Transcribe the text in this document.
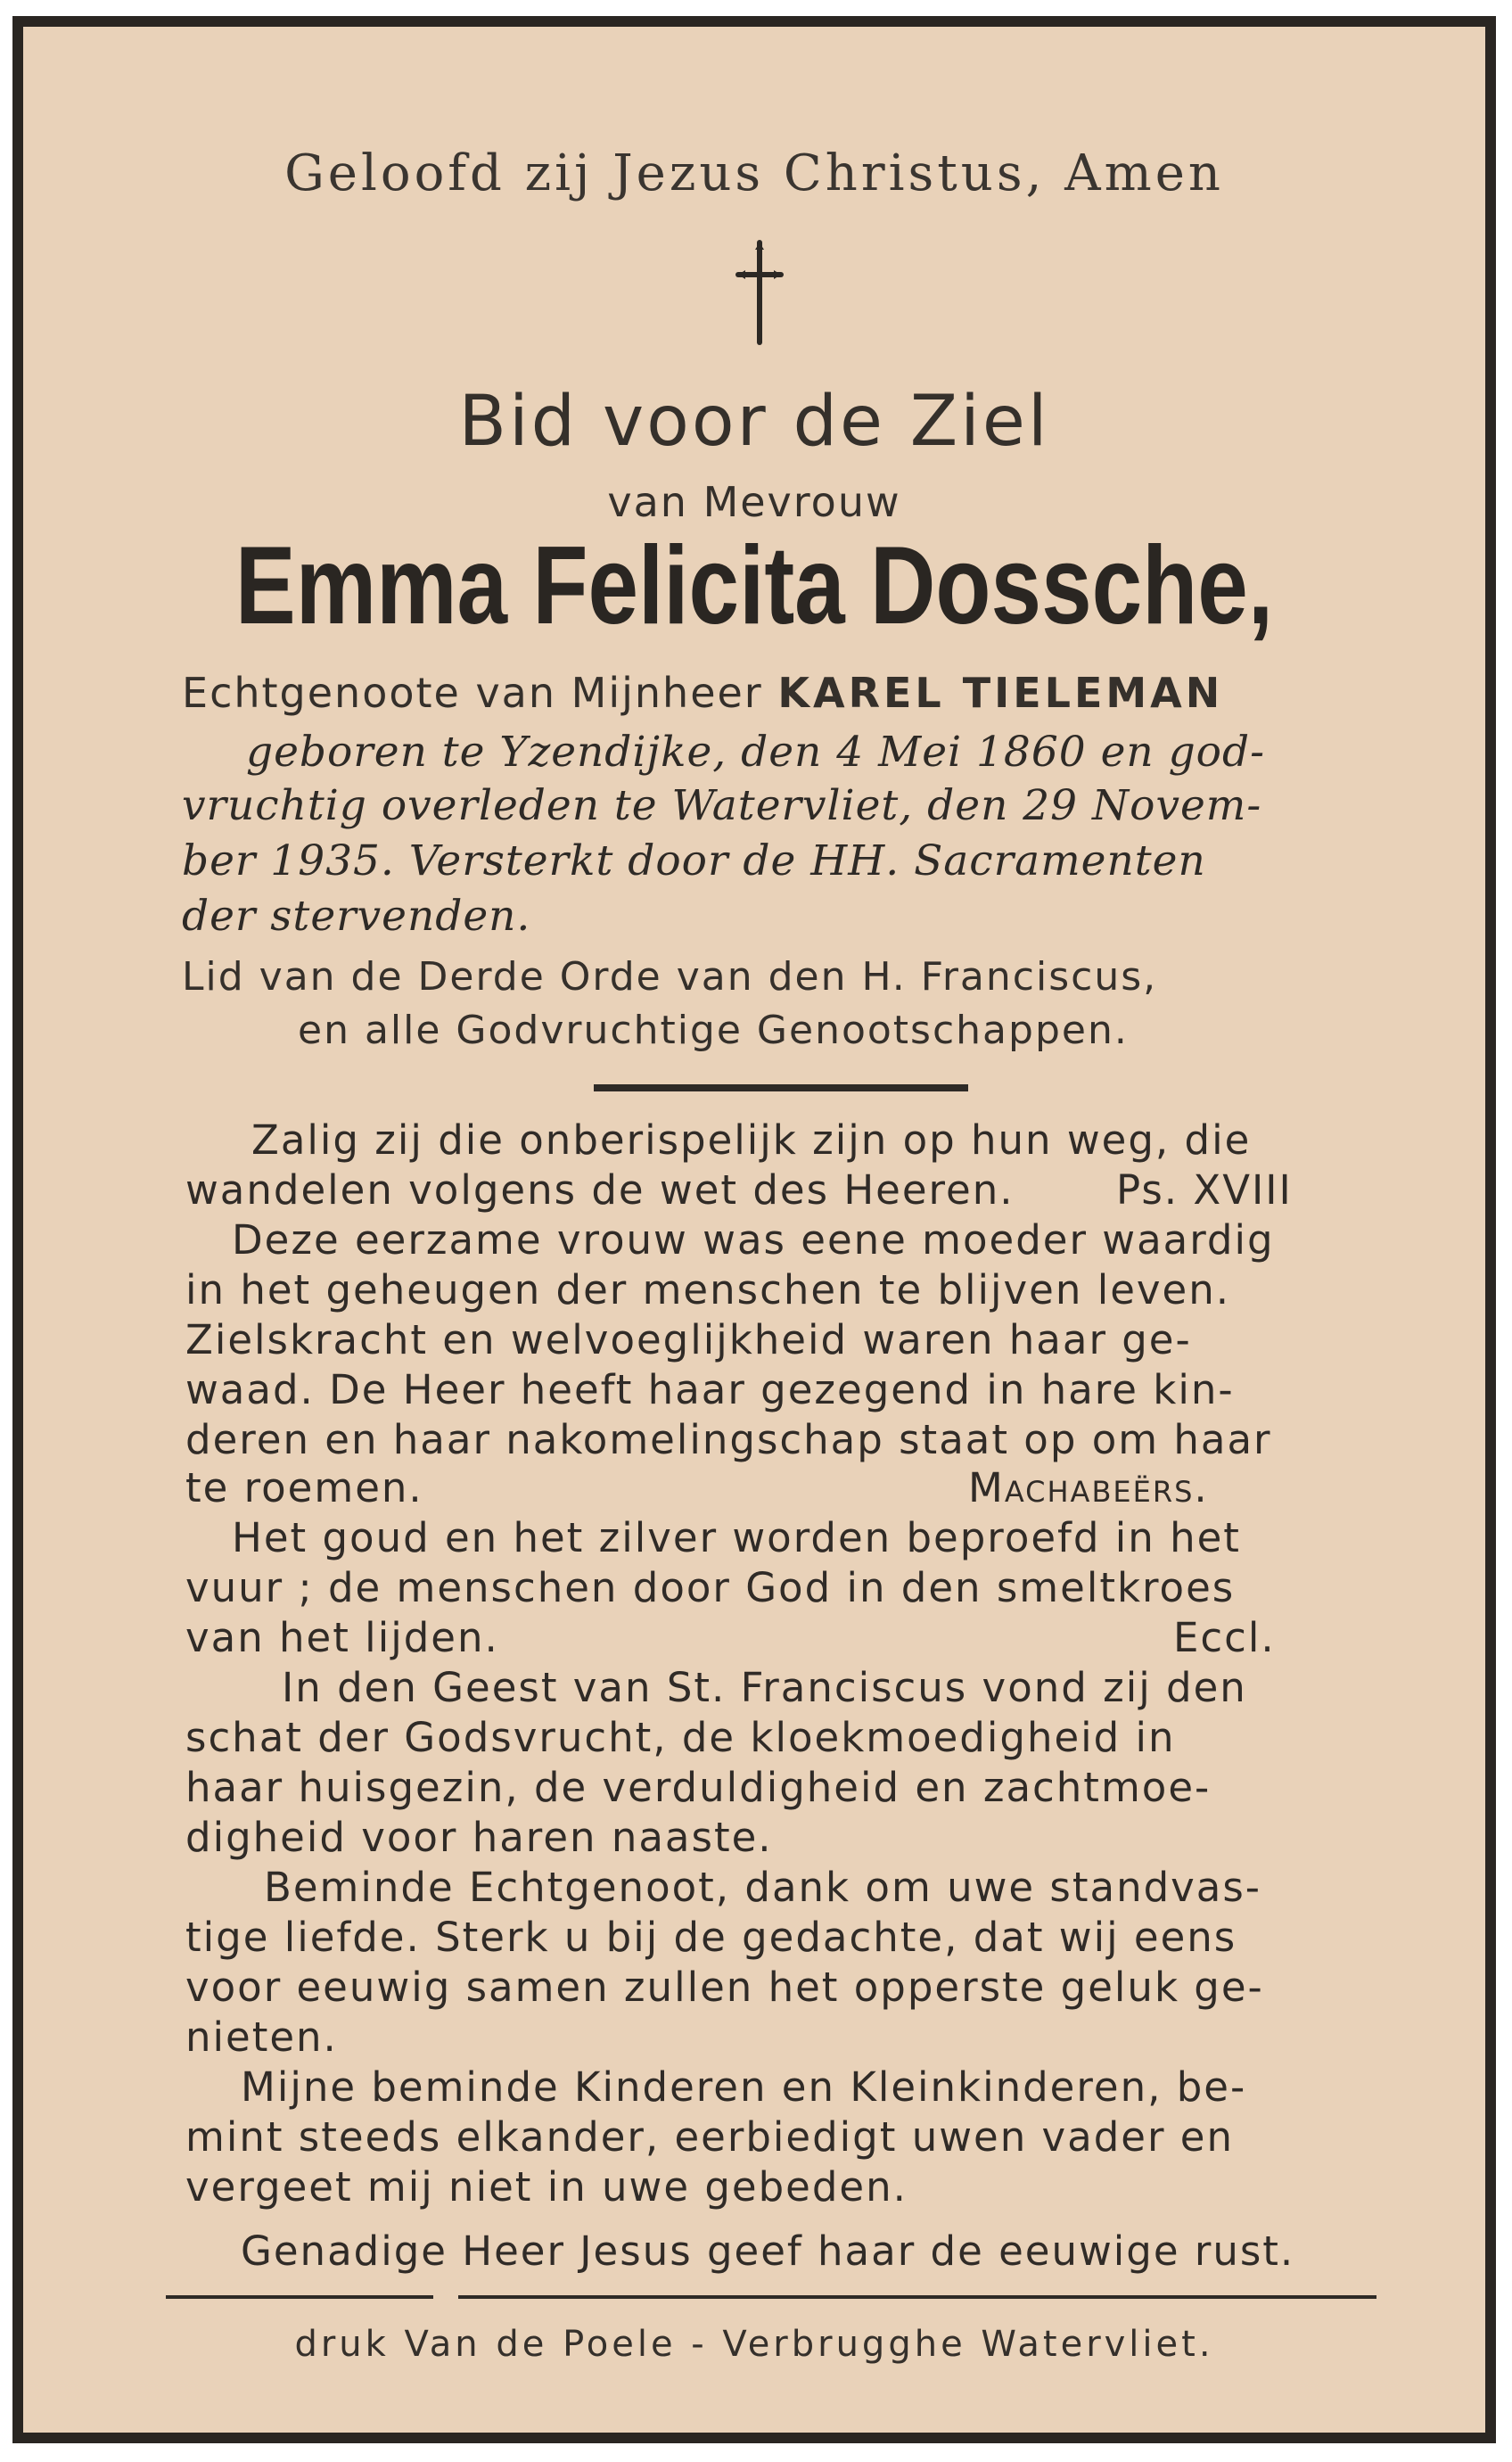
Geloofd zij Jezus Christus, Amen
Bid voor de Ziel
van Mevrouw
Emma Felicita Dossche,
Echtgenoote van Mijnheer KAREL TIELEMAN
geboren te Yzendijke, den 4 Mei 1860 en god-
vruchtig overleden te Watervliet, den 29 Novem-
ber 1935. Versterkt door de HH. Sacramenten
der stervenden.
Lid van de Derde Orde van den H. Franciscus,
en alle Godvruchtige Genootschappen.
Zalig zij die onberispelijk zijn op hun weg, die
wandelen volgens de wet des Heeren.	Ps. XVIII
Deze eerzame vrouw was eene moeder waardig
in het geheugen der menschen te blijven leven.
Zielskracht en welvoeglijkheid waren haar ge-
waad. De Heer heeft haar gezegend in hare kin-
deren en haar nakomelingschap staat op om haar
te roemen.	Machabeërs.
Het goud en het zilver worden beproefd in het
vuur ; de menschen door God in den smeltkroes
van het lijden.	Eccl.
In den Geest van St. Franciscus vond zij den
schat der Godsvrucht, de kloekmoedigheid in
haar huisgezin, de verduldigheid en zachtmoe-
digheid voor haren naaste.
Beminde Echtgenoot, dank om uwe standvas-
tige liefde. Sterk u bij de gedachte, dat wij eens
voor eeuwig samen zullen het opperste geluk ge-
nieten.
Mijne beminde Kinderen en Kleinkinderen, be-
mint steeds elkander, eerbiedigt uwen vader en
vergeet mij niet in uwe gebeden.
Genadige Heer Jesus geef haar de eeuwige rust.
druk Van de Poele - Verbrugghe Watervliet.
